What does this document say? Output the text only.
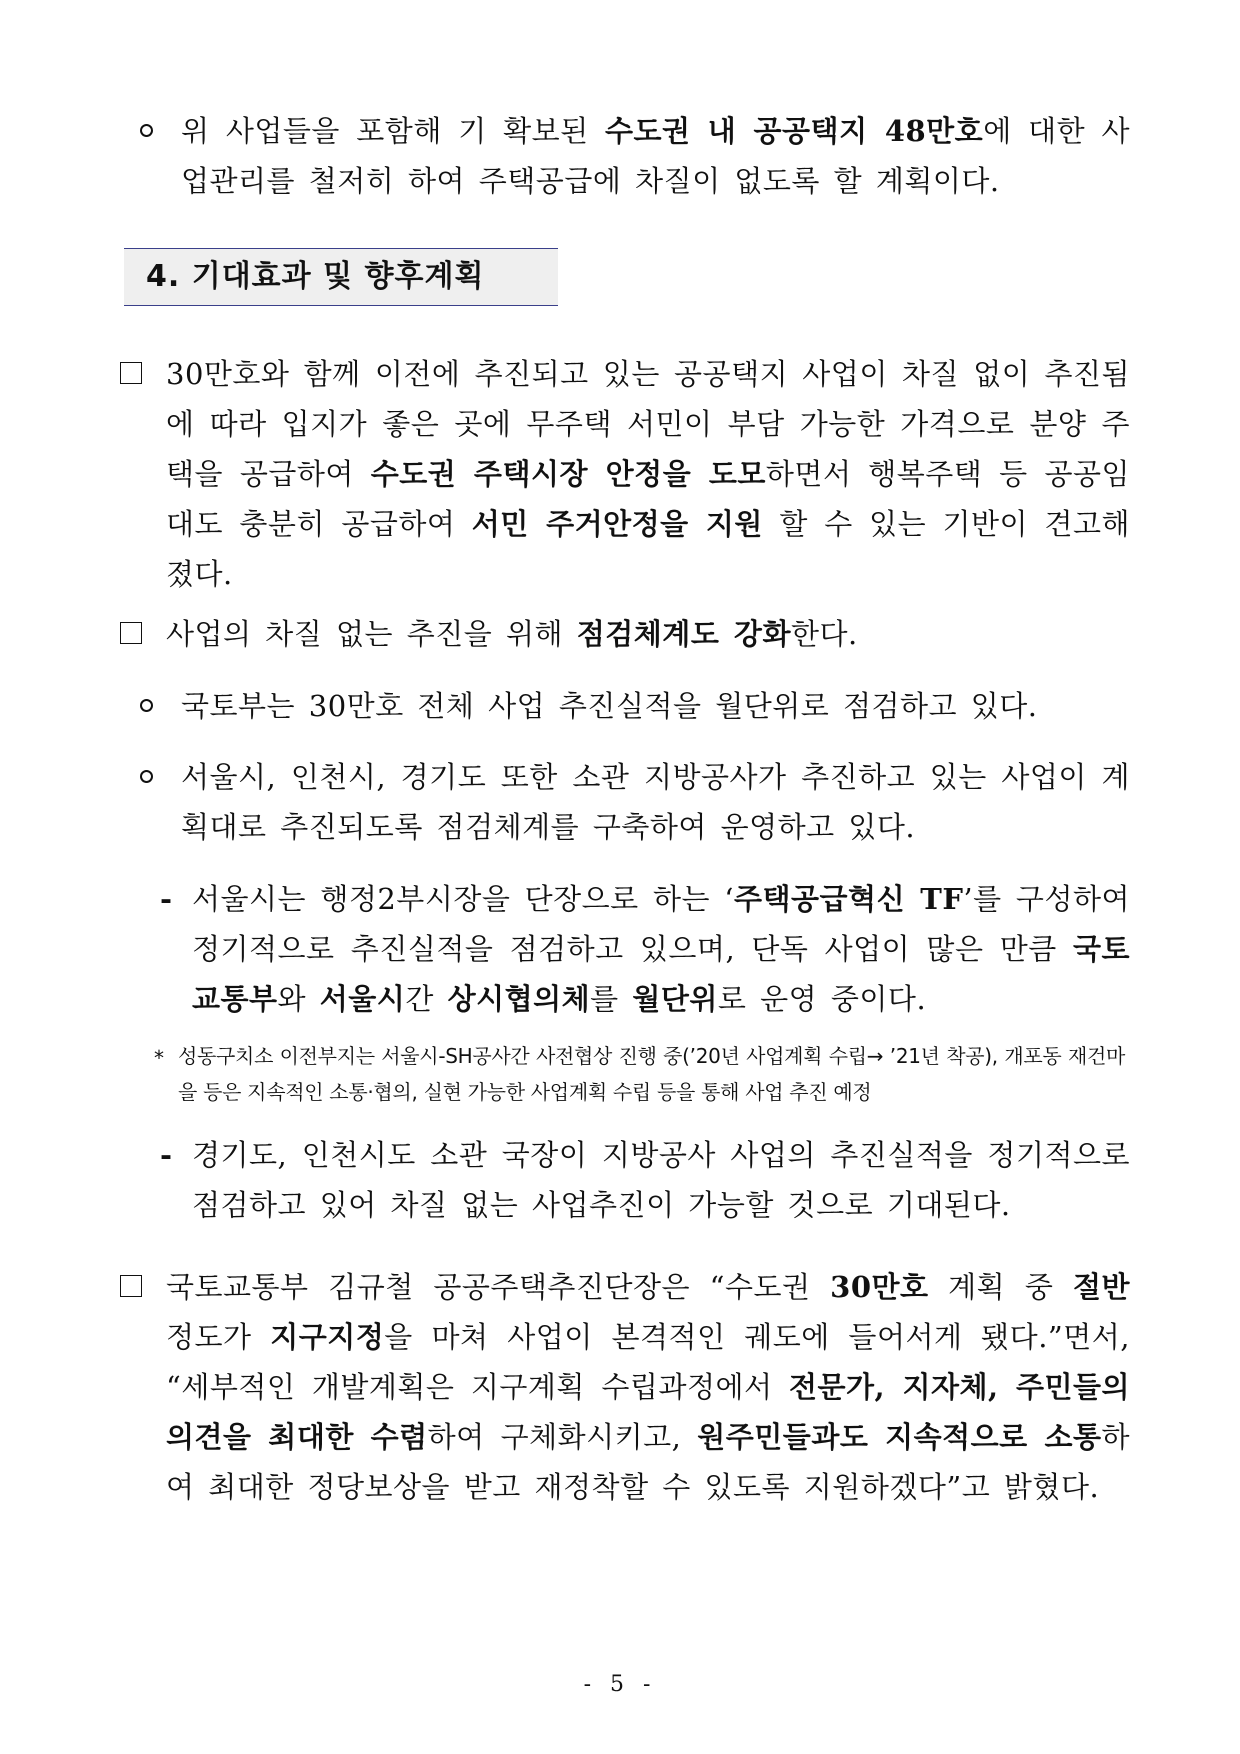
위 사업들을 포함해 기 확보된 수도권 내 공공택지 48만호에 대한 사업관리를 철저히 하여 주택공급에 차질이 없도록 할 계획이다.
4. 기대효과 및 향후계획
30만호와 함께 이전에 추진되고 있는 공공택지 사업이 차질 없이 추진됨에 따라 입지가 좋은 곳에 무주택 서민이 부담 가능한 가격으로 분양 주택을 공급하여 수도권 주택시장 안정을 도모하면서 행복주택 등 공공임대도 충분히 공급하여 서민 주거안정을 지원 할 수 있는 기반이 견고해졌다.
사업의 차질 없는 추진을 위해 점검체계도 강화한다.
국토부는 30만호 전체 사업 추진실적을 월단위로 점검하고 있다.
서울시, 인천시, 경기도 또한 소관 지방공사가 추진하고 있는 사업이 계획대로 추진되도록 점검체계를 구축하여 운영하고 있다.
- 서울시는 행정2부시장을 단장으로 하는 ‘주택공급혁신 TF’를 구성하여 정기적으로 추진실적을 점검하고 있으며, 단독 사업이 많은 만큼 국토교통부와 서울시간 상시협의체를 월단위로 운영 중이다.
* 성동구치소 이전부지는 서울시-SH공사간 사전협상 진행 중(’20년 사업계획 수립→ ’21년 착공), 개포동 재건마을 등은 지속적인 소통·협의, 실현 가능한 사업계획 수립 등을 통해 사업 추진 예정
- 경기도, 인천시도 소관 국장이 지방공사 사업의 추진실적을 정기적으로 점검하고 있어 차질 없는 사업추진이 가능할 것으로 기대된다.
국토교통부 김규철 공공주택추진단장은 “수도권 30만호 계획 중 절반 정도가 지구지정을 마쳐 사업이 본격적인 궤도에 들어서게 됐다.”면서, “세부적인 개발계획은 지구계획 수립과정에서 전문가, 지자체, 주민들의 의견을 최대한 수렴하여 구체화시키고, 원주민들과도 지속적으로 소통하여 최대한 정당보상을 받고 재정착할 수 있도록 지원하겠다”고 밝혔다.
- 5 -
